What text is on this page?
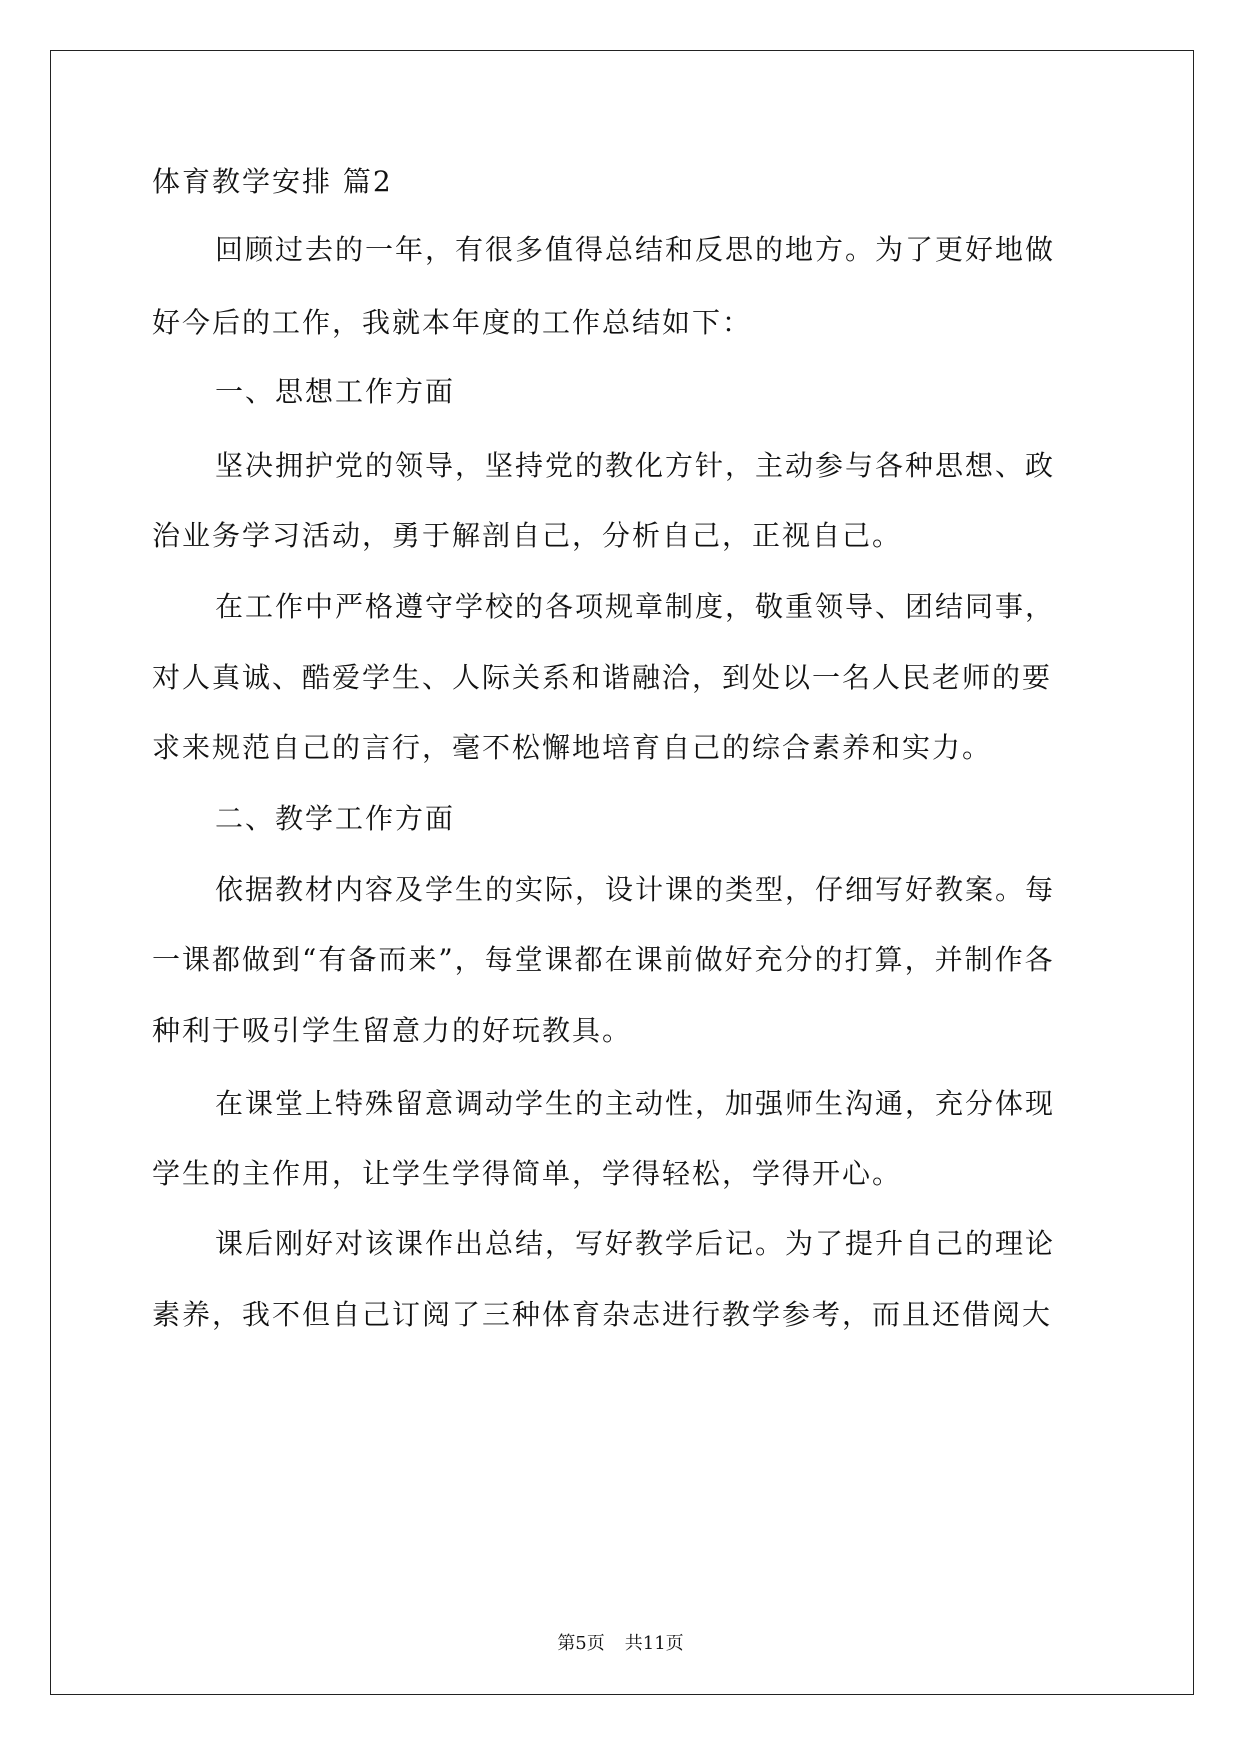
体育教学安排 篇2
回顾过去的一年，有很多值得总结和反思的地方。为了更好地做
好今后的工作，我就本年度的工作总结如下：
一、思想工作方面
坚决拥护党的领导，坚持党的教化方针，主动参与各种思想、政
治业务学习活动，勇于解剖自己，分析自己，正视自己。
在工作中严格遵守学校的各项规章制度，敬重领导、团结同事，
对人真诚、酷爱学生、人际关系和谐融洽，到处以一名人民老师的要
求来规范自己的言行，毫不松懈地培育自己的综合素养和实力。
二、教学工作方面
依据教材内容及学生的实际，设计课的类型，仔细写好教案。每
一课都做到“有备而来”，每堂课都在课前做好充分的打算，并制作各
种利于吸引学生留意力的好玩教具。
在课堂上特殊留意调动学生的主动性，加强师生沟通，充分体现
学生的主作用，让学生学得简单，学得轻松，学得开心。
课后刚好对该课作出总结，写好教学后记。为了提升自己的理论
素养，我不但自己订阅了三种体育杂志进行教学参考，而且还借阅大
第5页 共11页
